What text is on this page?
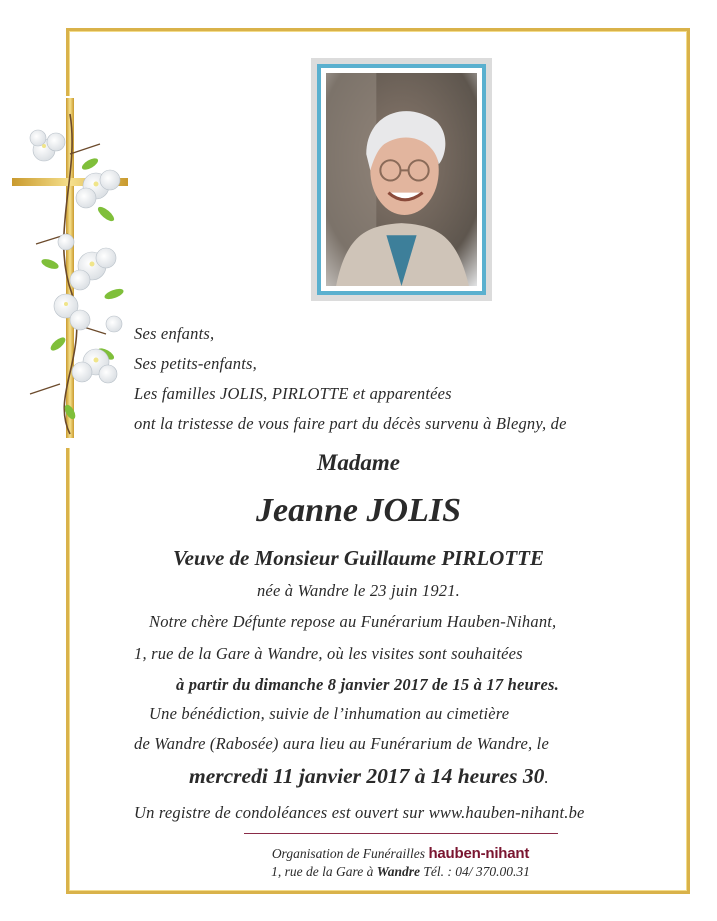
Ses enfants,

Ses petits-enfants,

Les familles JOLIS, PIRLOTTE et apparentées

ont la tristesse de vous faire part du décès survenu à Blegny, de

Madame

Jeanne JOLIS

Veuve de Monsieur Guillaume PIRLOTTE

née à Wandre le 23 juin 1921.

Notre chère Défunte repose au Funérarium Hauben-Nihant,

1, rue de la Gare à Wandre, où les visites sont souhaitées

à partir du dimanche 8 janvier 2017 de 15 à 17 heures.

Une bénédiction, suivie de l’inhumation au cimetière

de Wandre (Rabosée) aura lieu au Funérarium de Wandre, le

mercredi 11 janvier 2017 à 14 heures 30.

Un registre de condoléances est ouvert sur www.hauben-nihant.be

Organisation de Funérailles hauben-nihant
1, rue de la Gare à Wandre Tél. : 04/ 370.00.31
